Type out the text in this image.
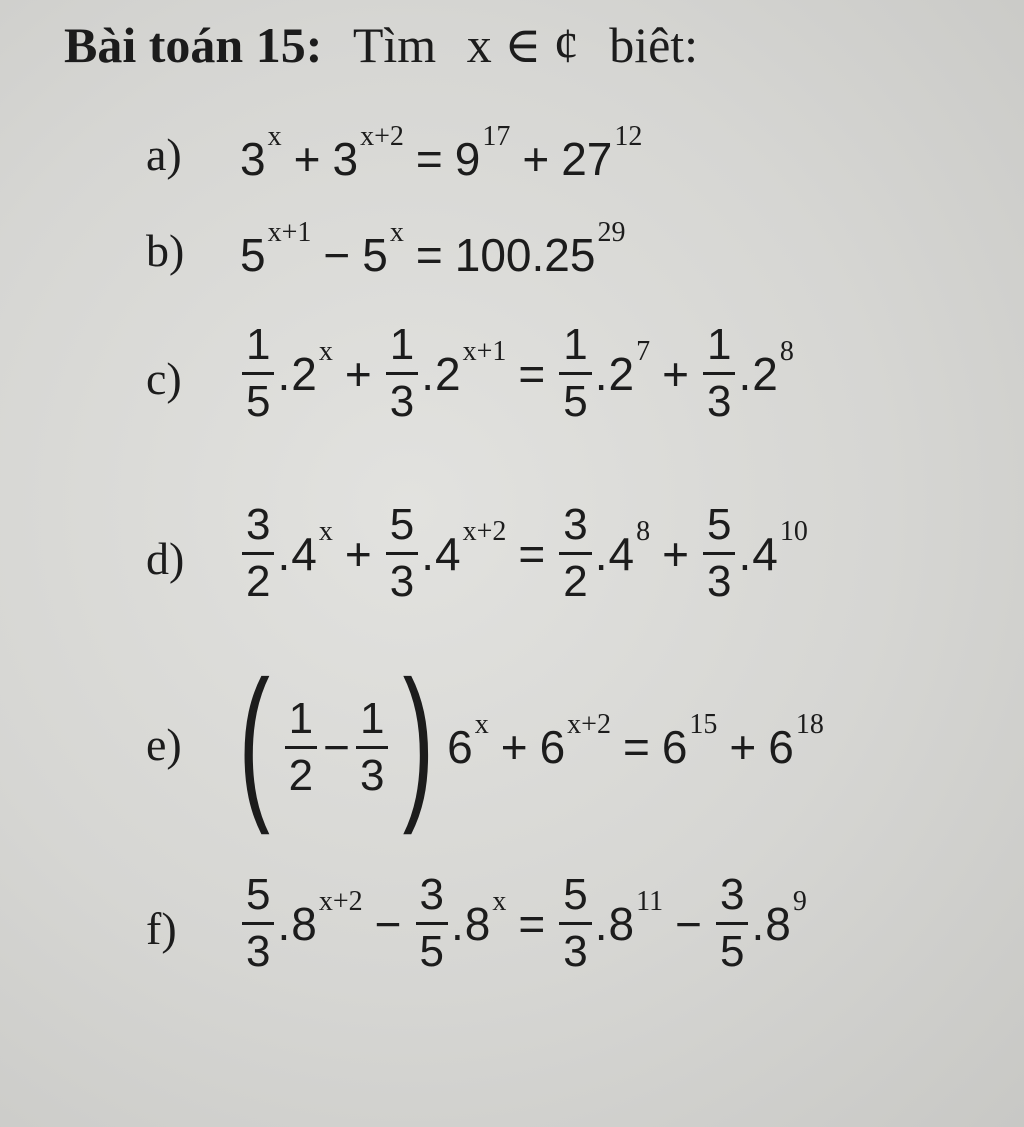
Bài toán 15: Tìm x ∈ ¢ biêt:
a) $3^x + 3^{x+2} = 9^{17} + 27^{12}$
b) $5^{x+1} - 5^x = 100.25^{29}$
$c) \frac{1}{5}$ . $2^x + \frac{1}{3}$ . $2^{x+1} = \frac{1}{5}$ . $2^7 + \frac{1}{3}$ . $2^8$
$d) \frac{3}{2}$ . $4^x + \frac{5}{3}$ . $4^{x+2} = \frac{3}{2}$ . $4^8 + \frac{5}{3}$ . $4^{10}$
e) ( $\frac{1}{2} - \frac{1}{3}$ ) $6^x + 6^{x+2} = 6^{15} + 6^{18}$
$f) \frac{5}{3}$ . $8^{x+2} - \frac{3}{5}$ . $8^x = \frac{5}{3}$ . $8^{11} - \frac{3}{5}$ . $8^9$
